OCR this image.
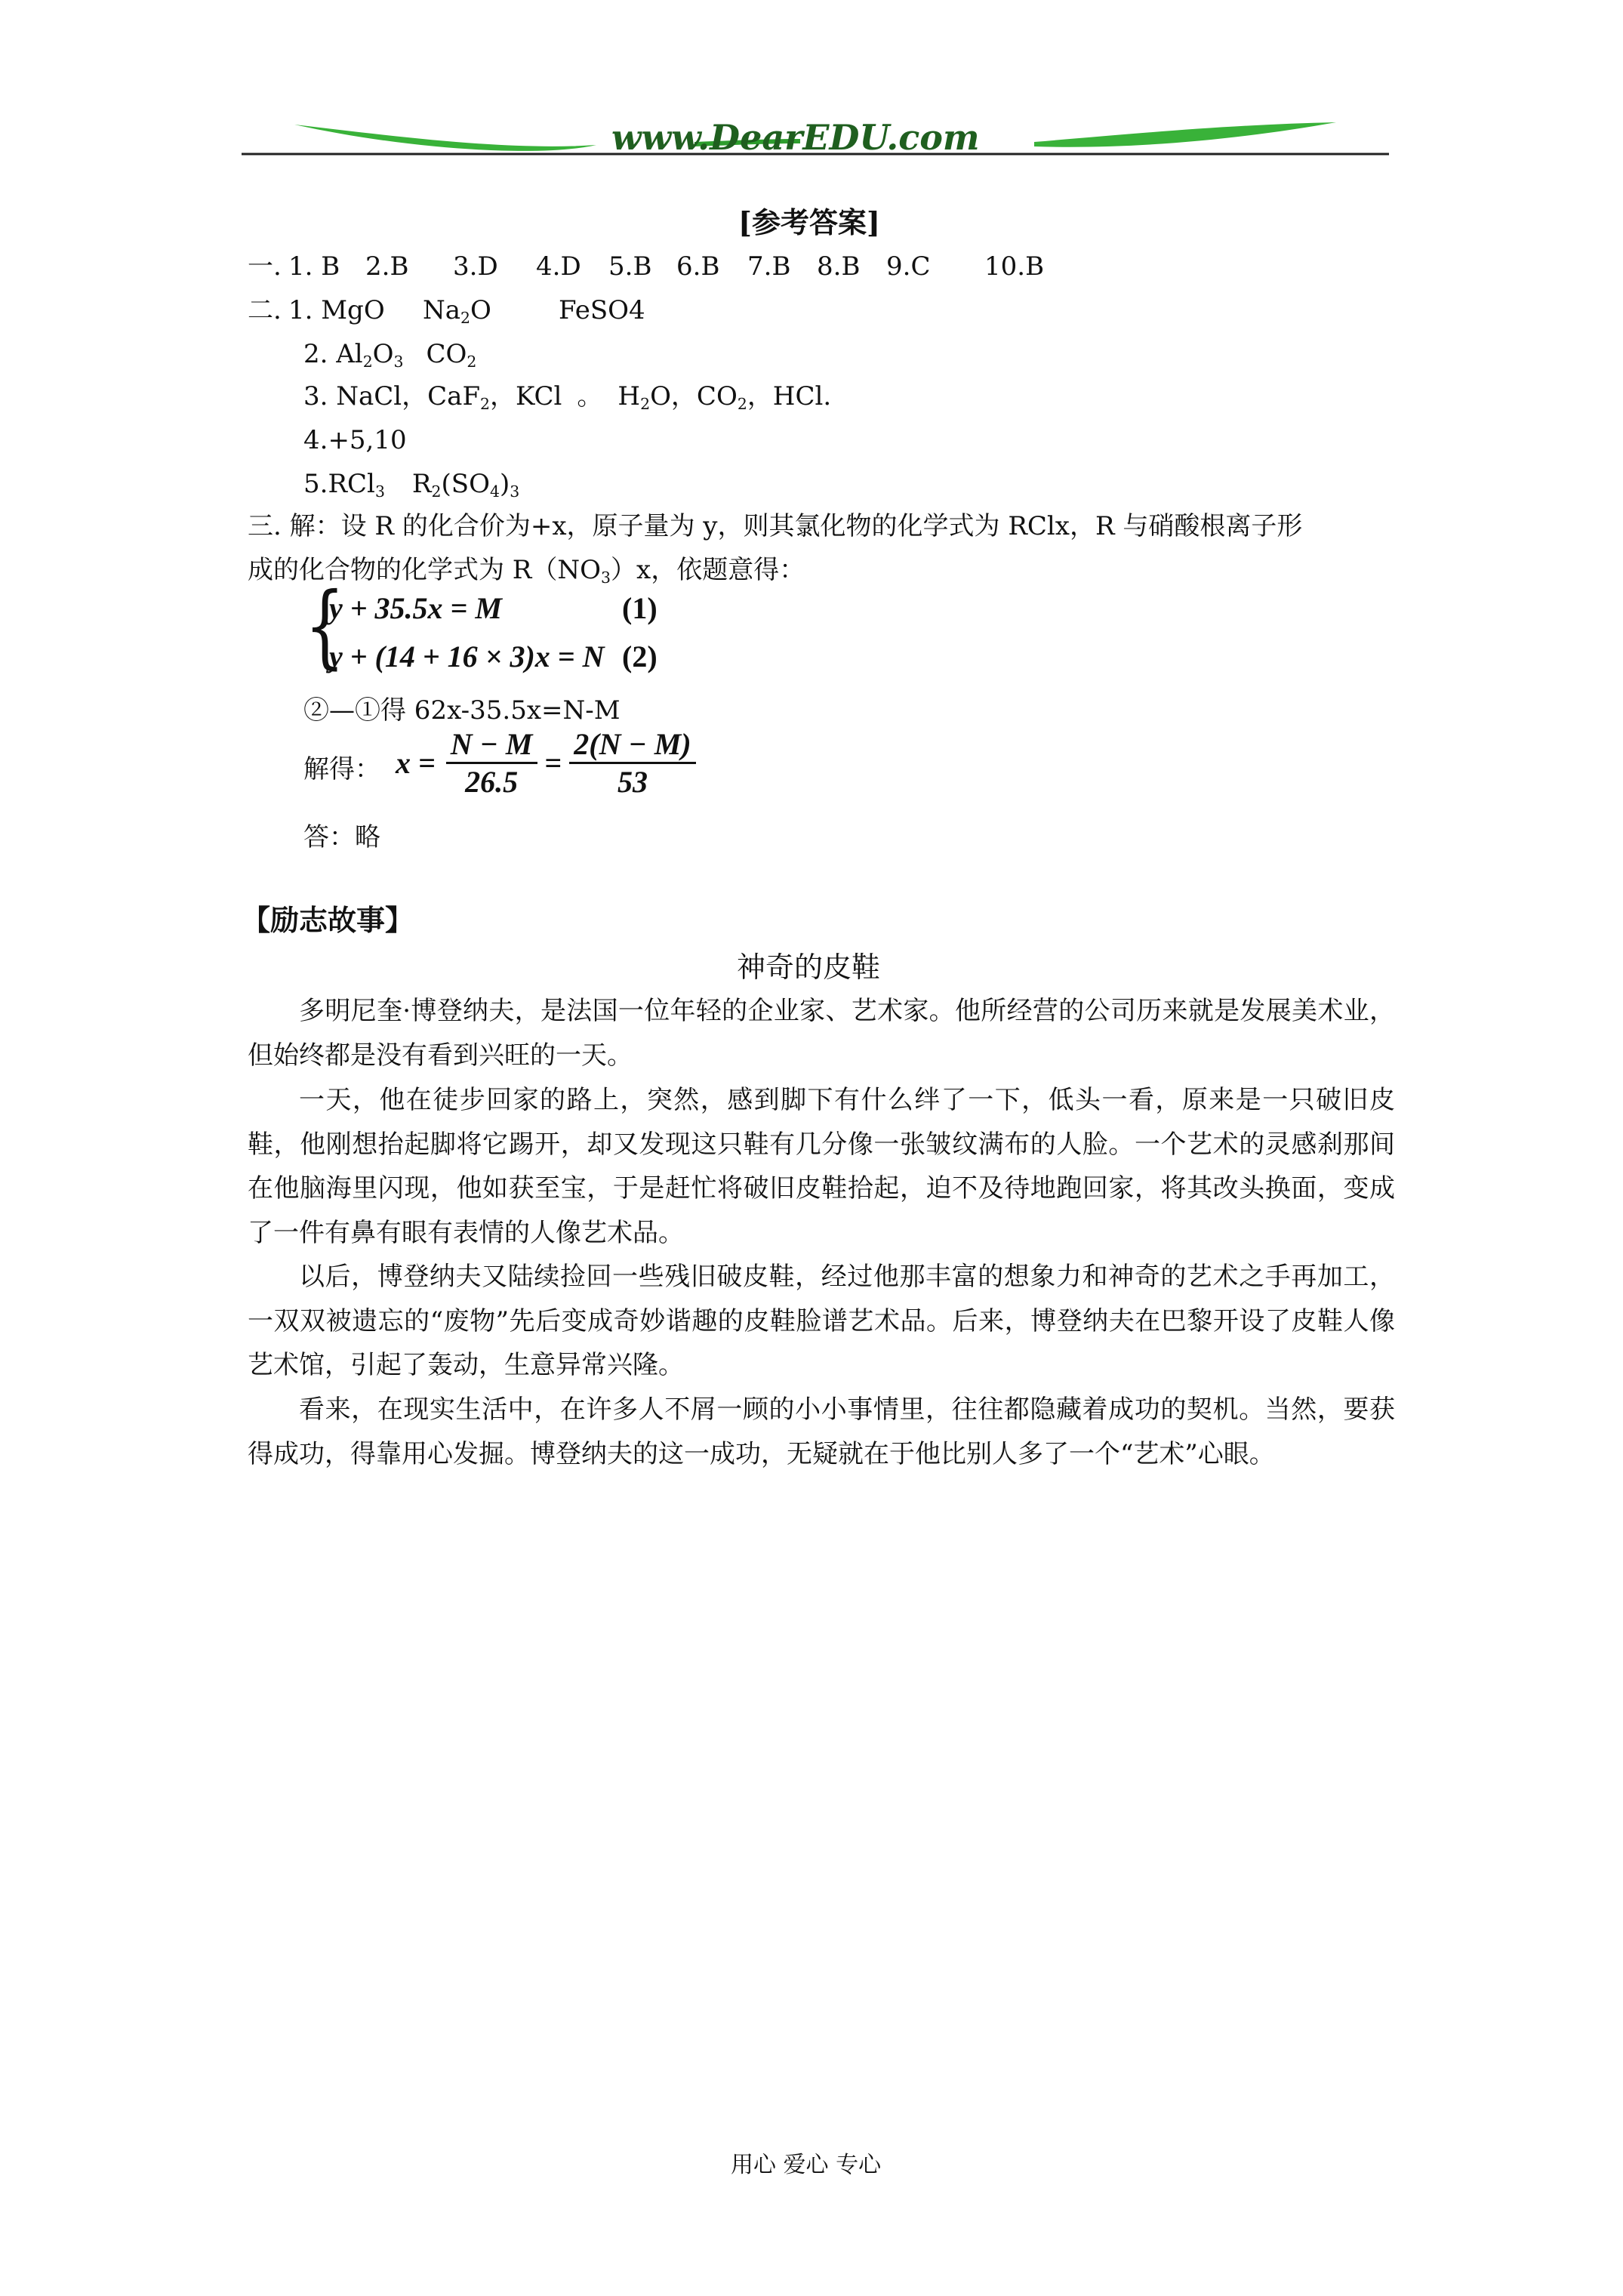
www.DearEDU.com
[参考答案]
一. 1. B 2.B 3.D 4.D 5.B 6.B 7.B 8.B 9.C 10.B
二. 1. MgO $Na_2O$	FeSO4
2. $Al_2O_3$ $CO_2$
3. NaCl，CaF$_2$，KCl 。 $H_2O$，$CO_2$，HCl.
4.+5,10
5.RCl$_3$ $R_2(SO_4)_3$
三. 解：设 R 的化合价为+x，原子量为 y，则其氯化物的化学式为 RClx，R 与硝酸根离子形
成的化合物的化学式为 $R(NO_3)x$，依题意得：
{
y + 35.5x = M	(1)
y + (14 + 16 × 3)x = N (2)
②—①得 62x-35.5x=N-M
解得： $x = \frac{N - M}{26.5} = \frac{2(N - M)}{53}$
答：略
【励志故事】
神奇的皮鞋
多明尼奎·博登纳夫，是法国一位年轻的企业家、艺术家。他所经营的公司历来就是发展美术业，但始终都是没有看到兴旺的一天。
一天，他在徒步回家的路上，突然，感到脚下有什么绊了一下，低头一看，原来是一只破旧皮鞋，他刚想抬起脚将它踢开，却又发现这只鞋有几分像一张皱纹满布的人脸。一个艺术的灵感刹那间在他脑海里闪现，他如获至宝，于是赶忙将破旧皮鞋拾起，迫不及待地跑回家，将其改头换面，变成了一件有鼻有眼有表情的人像艺术品。
以后，博登纳夫又陆续捡回一些残旧破皮鞋，经过他那丰富的想象力和神奇的艺术之手再加工，一双双被遗忘的“废物”先后变成奇妙谐趣的皮鞋脸谱艺术品。后来，博登纳夫在巴黎开设了皮鞋人像艺术馆，引起了轰动，生意异常兴隆。
看来，在现实生活中，在许多人不屑一顾的小小事情里，往往都隐藏着成功的契机。当然，要获得成功，得靠用心发掘。博登纳夫的这一成功，无疑就在于他比别人多了一个“艺术”心眼。
用心 爱心 专心
